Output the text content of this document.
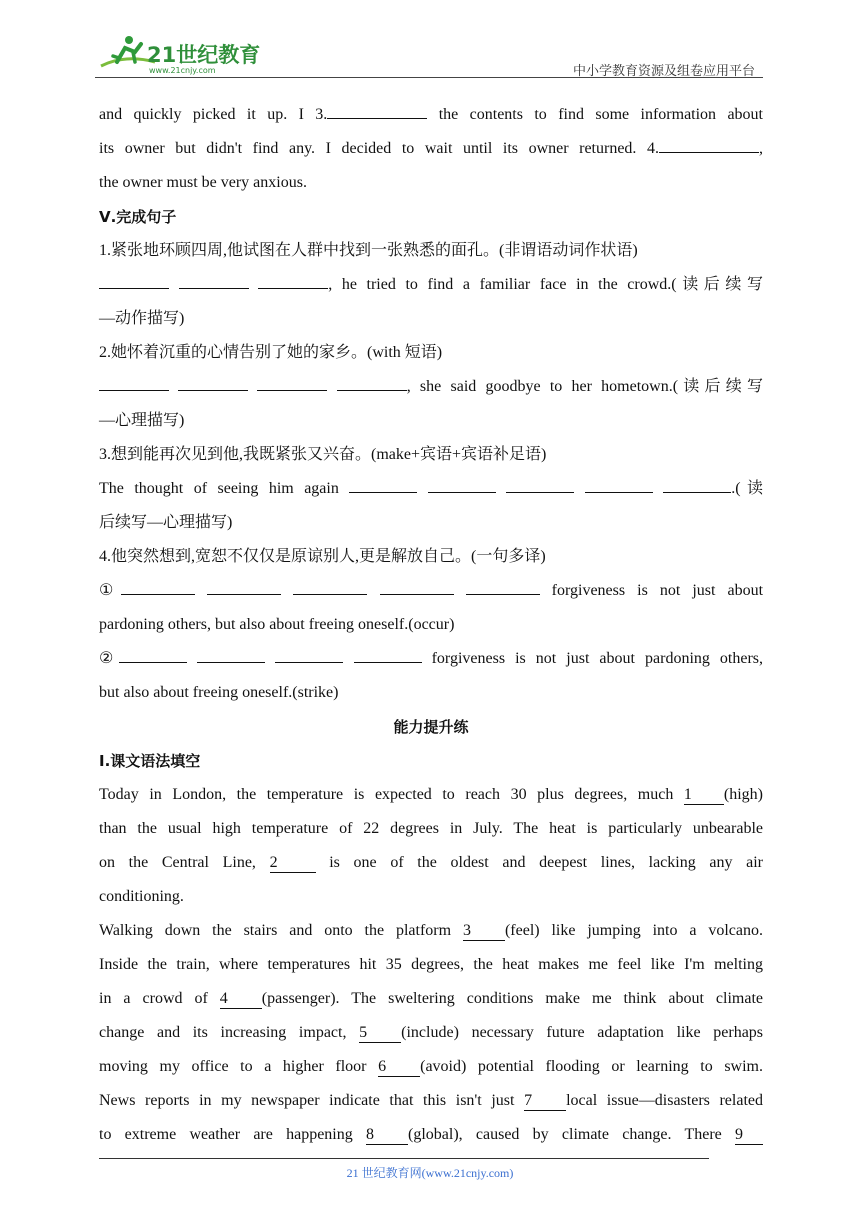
21世纪教育
www.21cnjy.com	中小学教育资源及组卷应用平台

and quickly picked it up. I 3.	the contents to find some information about

its owner but didn't find any. I decided to wait until its owner returned. 4.	,

the owner must be very anxious.

Ⅴ.完成句子

1.紧张地环顾四周,他试图在人群中找到一张熟悉的面孔。(非谓语动词作状语)

, he tried to find a familiar face in the crowd.(读后续写

—动作描写)

2.她怀着沉重的心情告别了她的家乡。(with 短语)

, she said goodbye to her hometown.(读后续写

—心理描写)

3.想到能再次见到他,我既紧张又兴奋。(make+宾语+宾语补足语)

The thought of seeing him again	.(读

后续写—心理描写)

4.他突然想到,宽恕不仅仅是原谅别人,更是解放自己。(一句多译)

①	forgiveness is not just about

pardoning others, but also about freeing oneself.(occur)

②	forgiveness is not just about pardoning others,

but also about freeing oneself.(strike)

能力提升练

Ⅰ.课文语法填空

Today in London, the temperature is expected to reach 30 plus degrees, much 1 (high)

than the usual high temperature of 22 degrees in July. The heat is particularly unbearable

on the Central Line, 2	is one of the oldest and deepest lines, lacking any air

conditioning.

Walking down the stairs and onto the platform 3 (feel) like jumping into a volcano.

Inside the train, where temperatures hit 35 degrees, the heat makes me feel like I'm melting

in a crowd of 4 (passenger). The sweltering conditions make me think about climate

change and its increasing impact, 5 (include) necessary future adaptation like perhaps

moving my office to a higher floor 6 (avoid) potential flooding or learning to swim.

News reports in my newspaper indicate that this isn't just 7 local issue—disasters related

to extreme weather are happening 8 (global), caused by climate change. There 9

21 世纪教育网(www.21cnjy.com)
